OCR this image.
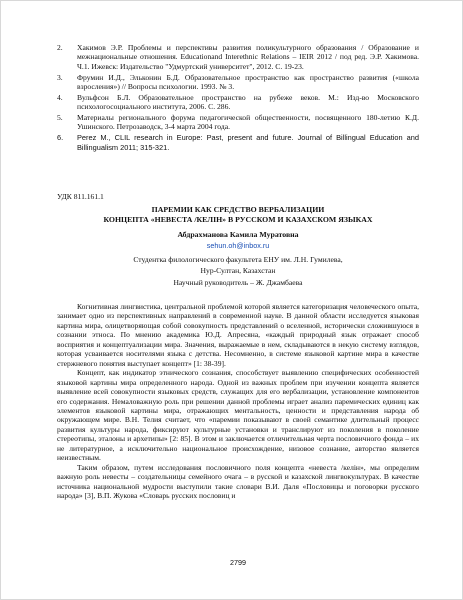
2.	Хакимов Э.Р. Проблемы и перспективы развития поликультурного образования / Образование и межнациональные отношения. Educationand Interethnic Relations – IEIR 2012 / под ред. Э.Р. Хакимова. Ч.1. Ижевск: Издательство "Удмуртский университет", 2012. С. 19-23.
3.	Фрумин И.Д., Эльконин Б.Д. Образовательное пространство как пространство развития («школа взросления») // Вопросы психологии. 1993. № 3.
4.	Вульфсон Б.Л. Образовательное пространство на рубеже веков. М.: Изд-во Московского психологосоциального института, 2006. С. 286.
5.	Материалы регионального форума педагогической общественности, посвященного 180-летию К.Д. Ушинского. Петрозаводск, 3-4 марта 2004 года.
6.	Perez M., CLIL research in Europe: Past, present and future. Journal of Billingual Education and Billingualism 2011; 315-321.
УДК 811.161.1
ПАРЕМИИ КАК СРЕДСТВО ВЕРБАЛИЗАЦИИ
КОНЦЕПТА «НЕВЕСТА /КЕЛІН» В РУССКОМ И КАЗАХСКОМ ЯЗЫКАХ
Абдрахманова Камила Муратовна
sehun.oh@inbox.ru
Студентка филологического факультета ЕНУ им. Л.Н. Гумилева,
Нур-Султан, Казахстан
Научный руководитель – Ж. Джамбаева

Когнитивная лингвистика, центральной проблемой которой является категоризация человеческого опыта, занимает одно из перспективных направлений в современной науке. В данной области исследуется языковая картина мира, олицетворяющая собой совокупность представлений о вселенной, исторически сложившуюся в сознании этноса. По мнению академика Ю.Д. Апресяна, «каждый природный язык отражает способ восприятия и концептуализации мира. Значения, выражаемые в нем, складываются в некую систему взглядов, которая усваивается носителями языка с детства. Несомненно, в системе языковой картине мира в качестве стержневого понятия выступает концепт» [1: 38-39].

Концепт, как индикатор этнического сознания, способствует выявлению специфических особенностей языковой картины мира определенного народа. Одной из важных проблем при изучении концепта является выявление всей совокупности языковых средств, служащих для его вербализации, установление компонентов его содержания. Немаловажную роль при решении данной проблемы играет анализ паремических единиц как элементов языковой картины мира, отражающих ментальность, ценности и представления народа об окружающем мире. В.Н. Телия считает, что «паремии показывают в своей семантике длительный процесс развития культуры народа, фиксируют культурные установки и транслируют из поколения в поколение стереотипы, эталоны и архетипы» [2: 85]. В этом и заключается отличительная черта пословичного фонда – их не литературное, а исключительно национальное происхождение, низовое сознание, авторство является неизвестным.

Таким образом, путем исследования пословичного поля концепта «невеста /келін», мы определим важную роль невесты – создательницы семейного очага – в русской и казахской лингвокультурах. В качестве источника национальной мудрости выступили такие словари В.И. Даля «Пословицы и поговорки русского народа» [3], В.П. Жукова «Словарь русских пословиц и

2799
